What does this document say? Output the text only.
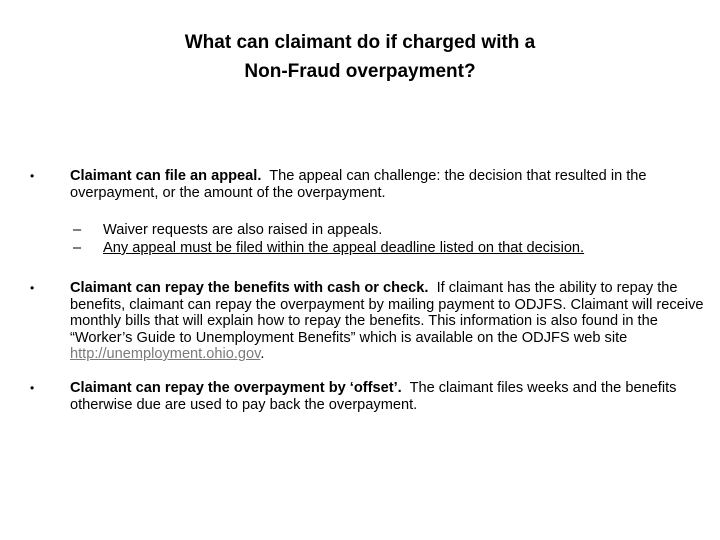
What can claimant do if charged with a
Non-Fraud overpayment?
•	Claimant can file an appeal. The appeal can challenge: the decision that resulted in the overpayment, or the amount of the overpayment.
– Waiver requests are also raised in appeals.
– Any appeal must be filed within the appeal deadline listed on that decision.
•	Claimant can repay the benefits with cash or check. If claimant has the ability to repay the benefits, claimant can repay the overpayment by mailing payment to ODJFS. Claimant will receive monthly bills that will explain how to repay the benefits. This information is also found in the “Worker’s Guide to Unemployment Benefits” which is available on the ODJFS web site http://unemployment.ohio.gov.
•	Claimant can repay the overpayment by ‘offset’. The claimant files weeks and the benefits otherwise due are used to pay back the overpayment.
